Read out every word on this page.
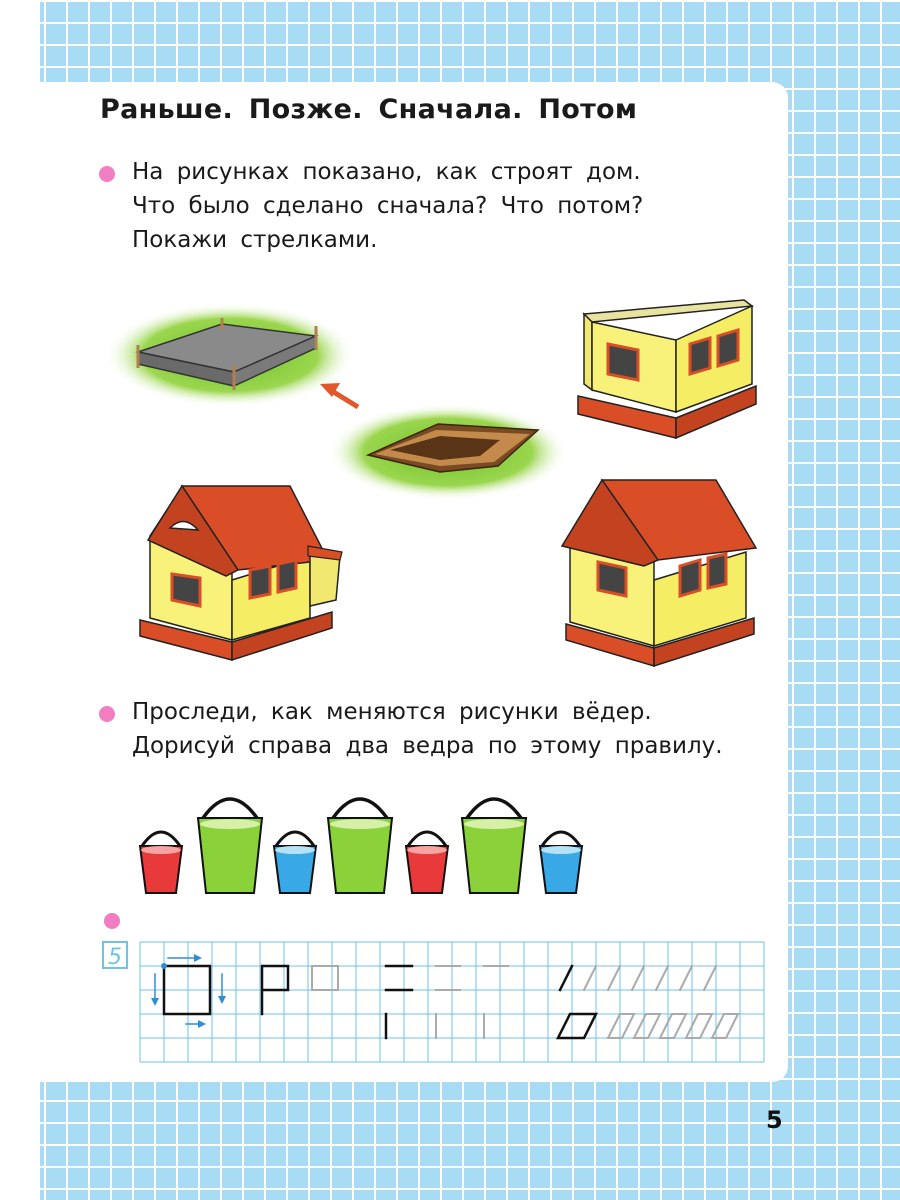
Раньше. Позже. Сначала. Потом
На рисунках показано, как строят дом.
Что было сделано сначала? Что потом?
Покажи стрелками.
Проследи, как меняются рисунки вёдер.
Дорисуй справа два ведра по этому правилу.
5
5
